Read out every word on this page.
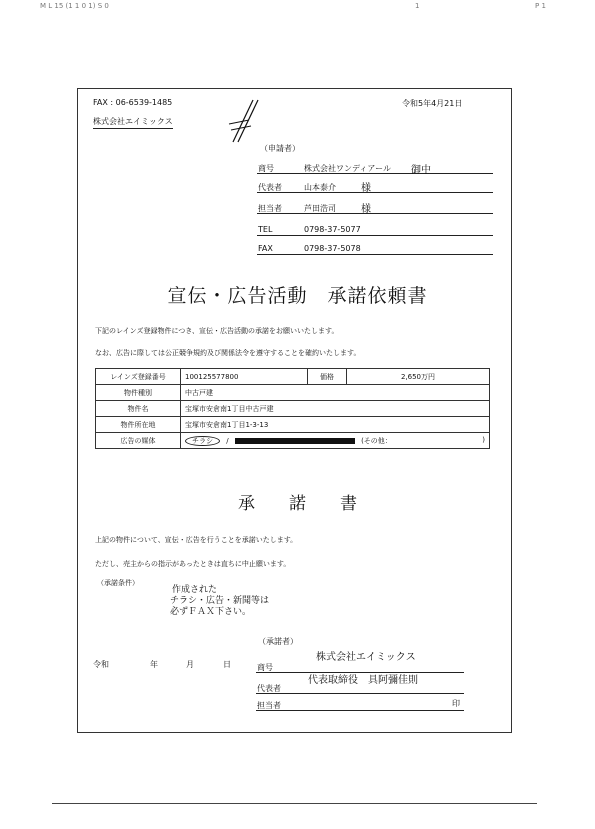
M L 15 (1 1 0 1) S 0	1	P 1
FAX : 06-6539-1485
株式会社エイミックス
令和5年4月21日
（申請者）
商号	株式会社ワンディアール 御中
代表者	山本泰介	様
担当者	芦田浩司	様
TEL	0798-37-5077
FAX	0798-37-5078
宣伝・広告活動　承諾依頼書
下記のレインズ登録物件につき、宣伝・広告活動の承諾をお願いいたします。
なお、広告に際しては公正競争規約及び関係法令を遵守することを確約いたします。
レインズ登録番号	100125577800	価格	2,650万円
物件種別	中古戸建		
物件名	宝塚市安倉南1丁目中古戸建		
物件所在地	宝塚市安倉南1丁目1-3-13		
広告の媒体	チラシ / (その他： )		
承　　諾　　書
上記の物件について、宣伝・広告を行うことを承諾いたします。
ただし、売主からの指示があったときは直ちに中止願います。
（承諾条件）
作成された
チラシ・広告・新聞等は
必ずＦＡＸ下さい。
（承諾者）
令和	年	月	日	商号
株式会社エイミックス
代表者
代表取締役　具阿彌佳則
担当者	印
